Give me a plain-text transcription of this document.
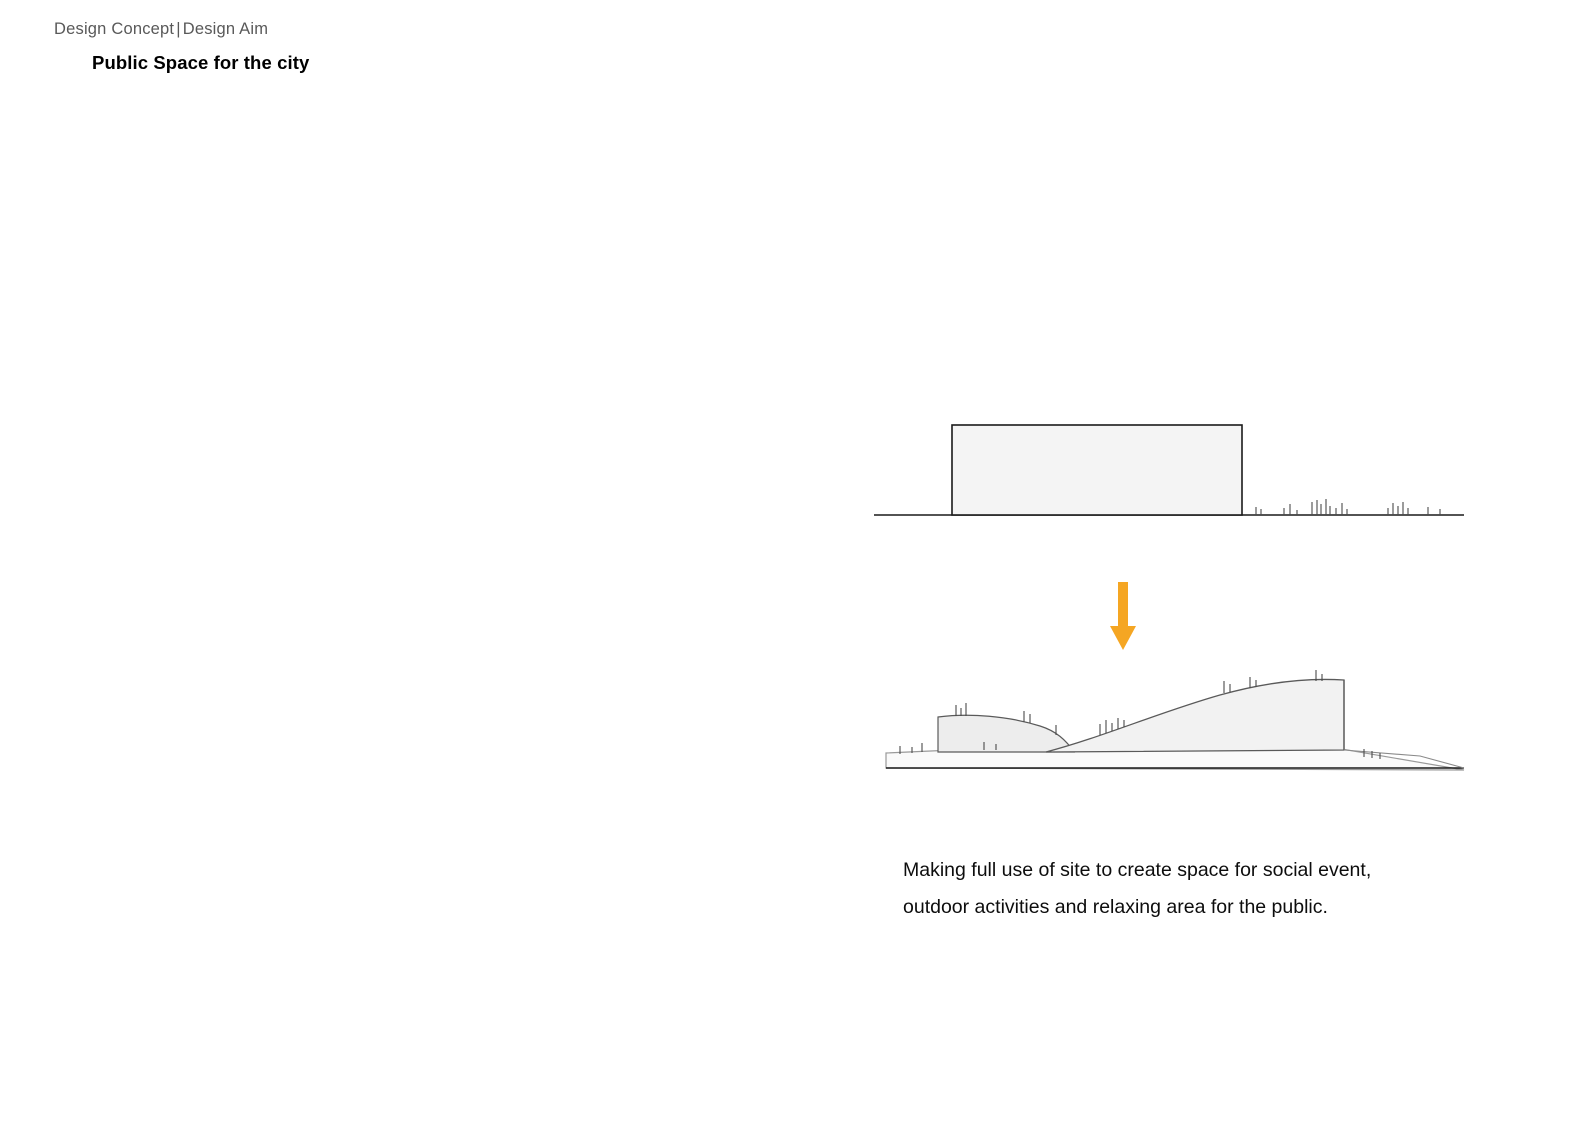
Design Concept | Design Aim
Public Space for the city
Making full use of site to create space for social event, outdoor activities and relaxing area for the public.
